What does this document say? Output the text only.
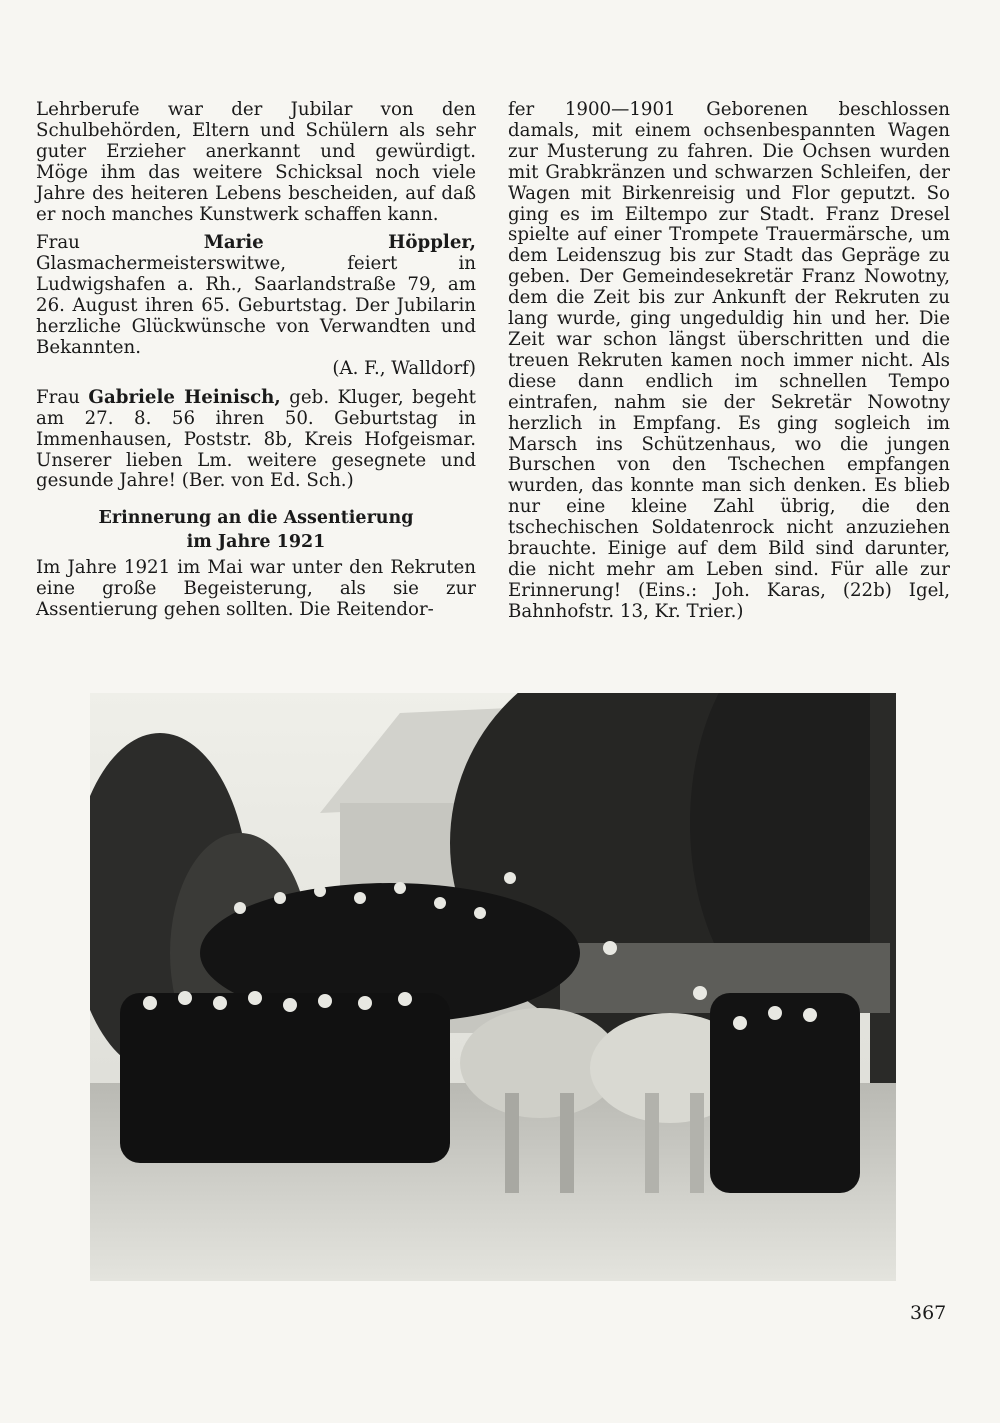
Lehrberufe war der Jubilar von den Schulbehörden, Eltern und Schülern als sehr guter Erzieher anerkannt und gewürdigt. Möge ihm das weitere Schicksal noch viele Jahre des heiteren Lebens bescheiden, auf daß er noch manches Kunstwerk schaffen kann.

Frau Marie Höppler, Glasmachermeisterswitwe, feiert in Ludwigshafen a. Rh., Saarlandstraße 79, am 26. August ihren 65. Geburtstag. Der Jubilarin herzliche Glückwünsche von Verwandten und Bekannten.

(A. F., Walldorf)

Frau Gabriele Heinisch, geb. Kluger, begeht am 27. 8. 56 ihren 50. Geburtstag in Immenhausen, Poststr. 8b, Kreis Hofgeismar. Unserer lieben Lm. weitere gesegnete und gesunde Jahre! (Ber. von Ed. Sch.)

Erinnerung an die Assentierung
im Jahre 1921

Im Jahre 1921 im Mai war unter den Rekruten eine große Begeisterung, als sie zur Assentierung gehen sollten. Die Reitendor-

fer 1900—1901 Geborenen beschlossen damals, mit einem ochsenbespannten Wagen zur Musterung zu fahren. Die Ochsen wurden mit Grabkränzen und schwarzen Schleifen, der Wagen mit Birkenreisig und Flor geputzt. So ging es im Eiltempo zur Stadt. Franz Dresel spielte auf einer Trompete Trauermärsche, um dem Leidenszug bis zur Stadt das Gepräge zu geben. Der Gemeindesekretär Franz Nowotny, dem die Zeit bis zur Ankunft der Rekruten zu lang wurde, ging ungeduldig hin und her. Die Zeit war schon längst überschritten und die treuen Rekruten kamen noch immer nicht. Als diese dann endlich im schnellen Tempo eintrafen, nahm sie der Sekretär Nowotny herzlich in Empfang. Es ging sogleich im Marsch ins Schützenhaus, wo die jungen Burschen von den Tschechen empfangen wurden, das konnte man sich denken. Es blieb nur eine kleine Zahl übrig, die den tschechischen Soldatenrock nicht anzuziehen brauchte. Einige auf dem Bild sind darunter, die nicht mehr am Leben sind. Für alle zur Erinnerung! (Eins.: Joh. Karas, (22b) Igel, Bahnhofstr. 13, Kr. Trier.)

367
